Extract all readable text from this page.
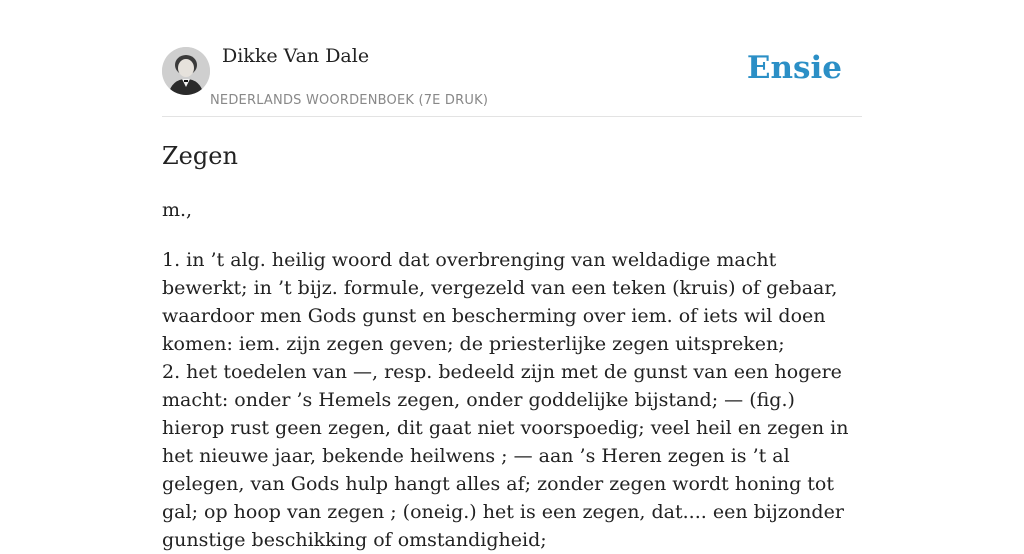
Dikke Van Dale
NEDERLANDS WOORDENBOEK (7E DRUK)
Ensie
Zegen
m.,
1. in ’t alg. heilig woord dat overbrenging van weldadige macht bewerkt; in ’t bijz. formule, vergezeld van een teken (kruis) of gebaar, waardoor men Gods gunst en bescherming over iem. of iets wil doen komen: iem. zijn zegen geven; de priesterlijke zegen uitspreken;
2. het toedelen van —, resp. bedeeld zijn met de gunst van een hogere macht: onder ’s Hemels zegen, onder goddelijke bijstand; — (fig.) hierop rust geen zegen, dit gaat niet voorspoedig; veel heil en zegen in het nieuwe jaar, bekende heilwens ; — aan ’s Heren zegen is ’t al gelegen, van Gods hulp hangt alles af; zonder zegen wordt honing tot gal; op hoop van zegen ; (oneig.) het is een zegen, dat.... een bijzonder gunstige beschikking of omstandigheid;
